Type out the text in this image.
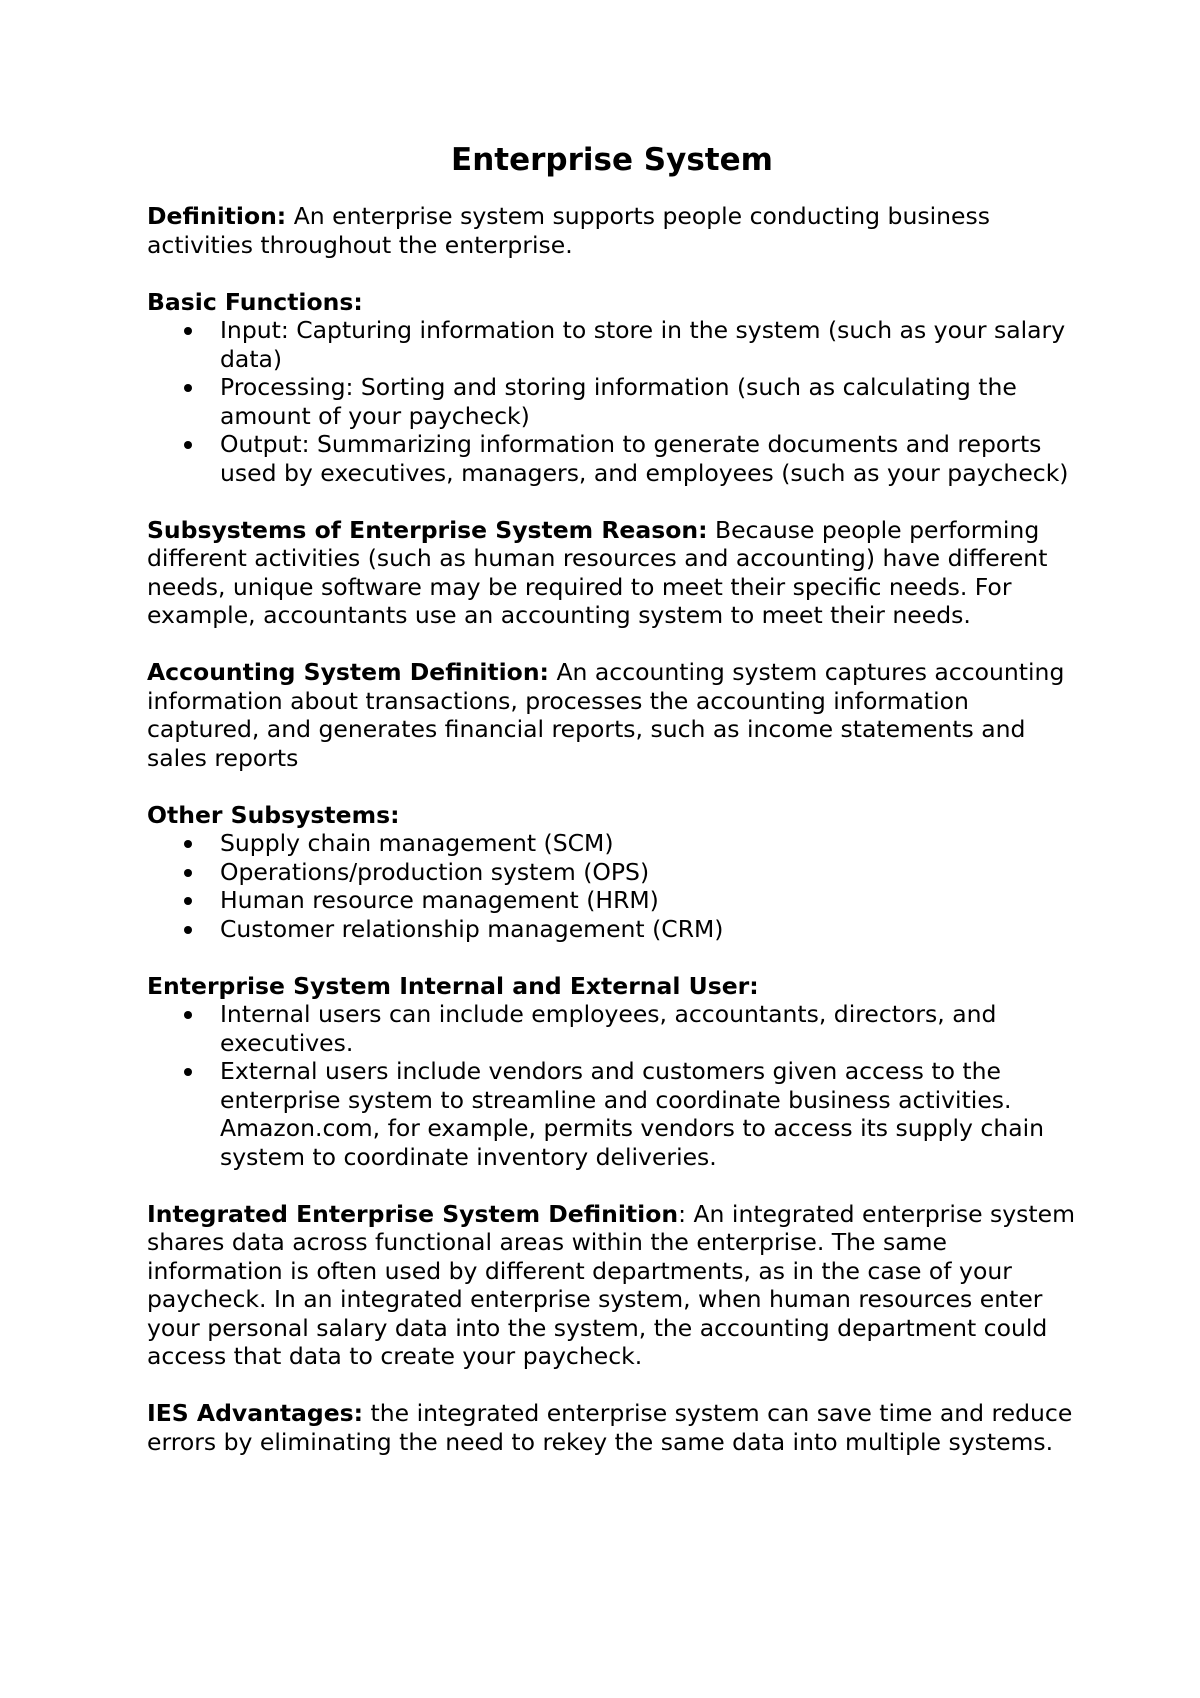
Enterprise System

Definition: An enterprise system supports people conducting business activities throughout the enterprise.

Basic Functions:

Input: Capturing information to store in the system (such as your salary data)
Processing: Sorting and storing information (such as calculating the amount of your paycheck)
Output: Summarizing information to generate documents and reports used by executives, managers, and employees (such as your paycheck)

Subsystems of Enterprise System Reason: Because people performing different activities (such as human resources and accounting) have different needs, unique software may be required to meet their specific needs. For example, accountants use an accounting system to meet their needs.

Accounting System Definition: An accounting system captures accounting information about transactions, processes the accounting information captured, and generates financial reports, such as income statements and sales reports

Other Subsystems:

Supply chain management (SCM)
Operations/production system (OPS)
Human resource management (HRM)
Customer relationship management (CRM)

Enterprise System Internal and External User:

Internal users can include employees, accountants, directors, and executives.
External users include vendors and customers given access to the enterprise system to streamline and coordinate business activities. Amazon.com, for example, permits vendors to access its supply chain system to coordinate inventory deliveries.

Integrated Enterprise System Definition: An integrated enterprise system shares data across functional areas within the enterprise. The same information is often used by different departments, as in the case of your paycheck. In an integrated enterprise system, when human resources enter your personal salary data into the system, the accounting department could access that data to create your paycheck.

IES Advantages: the integrated enterprise system can save time and reduce errors by eliminating the need to rekey the same data into multiple systems.
